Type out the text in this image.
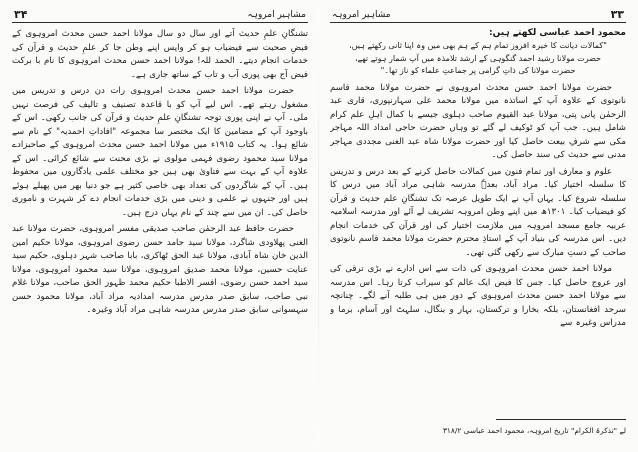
۳۴	مشاہیر امروہہ

تشنگانِ علمِ حدیث آتے اور سال دو سال مولانا احمد حسن محدث امروہوی کے فیضِ صحبت سے فیضیاب ہو کر واپس اپنے وطن جا کر علمِ حدیث و قرآن کی خدمات انجام دیتے۔ الحمد للہ! مولانا احمد حسن محدث امروہوی کا نام با برکت فیض آج بھی پوری آب و تاب کے ساتھ جاری ہے۔

حضرت مولانا احمد حسن محدث امروہوی رات دن درس و تدریس میں مشغول رہتے تھے۔ اس لیے آپ کو با قاعدہ تصنیف و تالیف کی فرصت نہیں ملی۔ آپ نے اپنی پوری توجہ تشنگانِ علمِ حدیث و قرآن کی جانب رکھی۔ اس کے باوجود آپ کے مضامین کا ایک مختصر سا مجموعہ "افاداتِ احمدیہ" کے نام سے شائع ہوا۔ یہ کتاب ۱۹۱۵ء میں مولانا احمد حسن محدث امروہوی کے صاحبزادے مولانا سید محمود رضوی فہمی مولوی نے بڑی محنت سے شائع کرائی۔ اس کے علاوہ آپ کے بہت سے فتاویٰ بھی ہیں جو مختلف علمی یادگاروں میں محفوظ ہیں۔ آپ کے شاگردوں کی تعداد بھی خاصی کثیر ہے جو دنیا بھر میں پھیلے ہوئے ہیں اور جنہوں نے علمی و دینی میں بڑی خدمات انجام دے کر شہرت و ناموری حاصل کی۔ ان میں سے چند کے نام یہاں درج ہیں۔

حضرت حافظ عبد الرحمٰن صاحب صدیقی مفسر امروہوی، حضرت مولانا عبد الغنی پھلاودی شاگرد، مولانا سید حامد حسن رضوی امروہوی، مولانا حکیم امین الدین خان شاہ آبادی، مولانا عبد الحق ٹھاکری، بابا صاحب شہر دہلوی، حکیم سید عنایت حسین، مولانا محمد صدیق امروہوی، مولانا سید محمود امروہوی، مولانا سید احمد حسن رضوی، افسر الاطبا حکیم محمد ظہور الحق صاحب، مولانا غلام نبی صاحب، سابق صدر مدرس مدرسہ امدادیہ مراد آباد، مولانا محمود حسن سہسوانی سابق صدر مدرس مدرسہ شاہی مراد آباد وغیرہ۔

۳۳
مشاہیر امروہہ
محمود احمد عباسی لکھتے ہیں:
"کمالات دیانت کا خیرہ افروز تمام ہم کے ہم بھی میں وہ اپنا ثانی رکھتے ہیں، حضرت مولانا رشید احمد گنگوہی کے ارشد تلامذہ میں آپ شمار ہوتے تھے، حضرت مولانا کی ذاتِ گرامی پر جماعتِ علماء کو ناز تھا۔"

حضرت مولانا احمد حسن محدث امروہوی نے حضرت مولانا محمد قاسم نانوتوی کے علاوہ آپ کے اساتذہ میں مولانا محمد علی سہارنپوری، قاری عبد الرحمٰن پانی پتی، مولانا عبد القیوم صاحب دہلوی جیسے با کمال اہلِ علم کرام شامل ہیں۔ جب آپ کو ٹوکیف لے گئے تو وہاں حضرت حاجی امداد اللہ مہاجر مکی سے شرفِ بیعت حاصل کیا اور حضرت مولانا شاہ عبد الغنی مجددی مہاجر مدنی سے حدیث کی سند حاصل کی۔

علوم و معارف اور تمام فنون میں کمالات حاصل کرنے کے بعد درس و تدریس کا سلسلہ اختیار کیا۔ مراد آباد، بعدہٗ مدرسہ شاہی مراد آباد میں درس کا سلسلہ شروع کیا۔ یہاں آپ نے ایک طویل عرصہ تک تشنگانِ علم حدیث و قرآن کو فیضیاب کیا۔ ۱۳۰۱ھ میں اپنے وطن امروہہ تشریف لے آئے اور مدرسہ اسلامیہ عربیہ جامع مسجد امروہہ میں ملازمت اختیار کی اور قرآن کی خدمات انجام دیں۔ اس مدرسہ کی بنیاد آپ کے استاذِ محترم حضرت مولانا محمد قاسم نانوتوی صاحب کے دستِ مبارک سے رکھی گئی تھی۔

مولانا احمد حسن محدث امروہوی کی ذات سے اس ادارے نے بڑی ترقی کی اور عروج حاصل کیا۔ جس کا فیض ایک عالم کو سیراب کرتا رہا۔ اس مدرسہ سے مولانا احمد حسن محدث امروہوی کے دور میں ہی طلبہ آنے لگے۔ چنانچہ سرحد افغانستان، بلکہ بخارا و ترکستان، بہار و بنگال، سلہٹ اور آسام، برما و مدراس وغیرہ سے

لے "تذکرۃ الکرام" تاریخ امروہہ، محمود احمد عباسی ۳۱۸/۲
